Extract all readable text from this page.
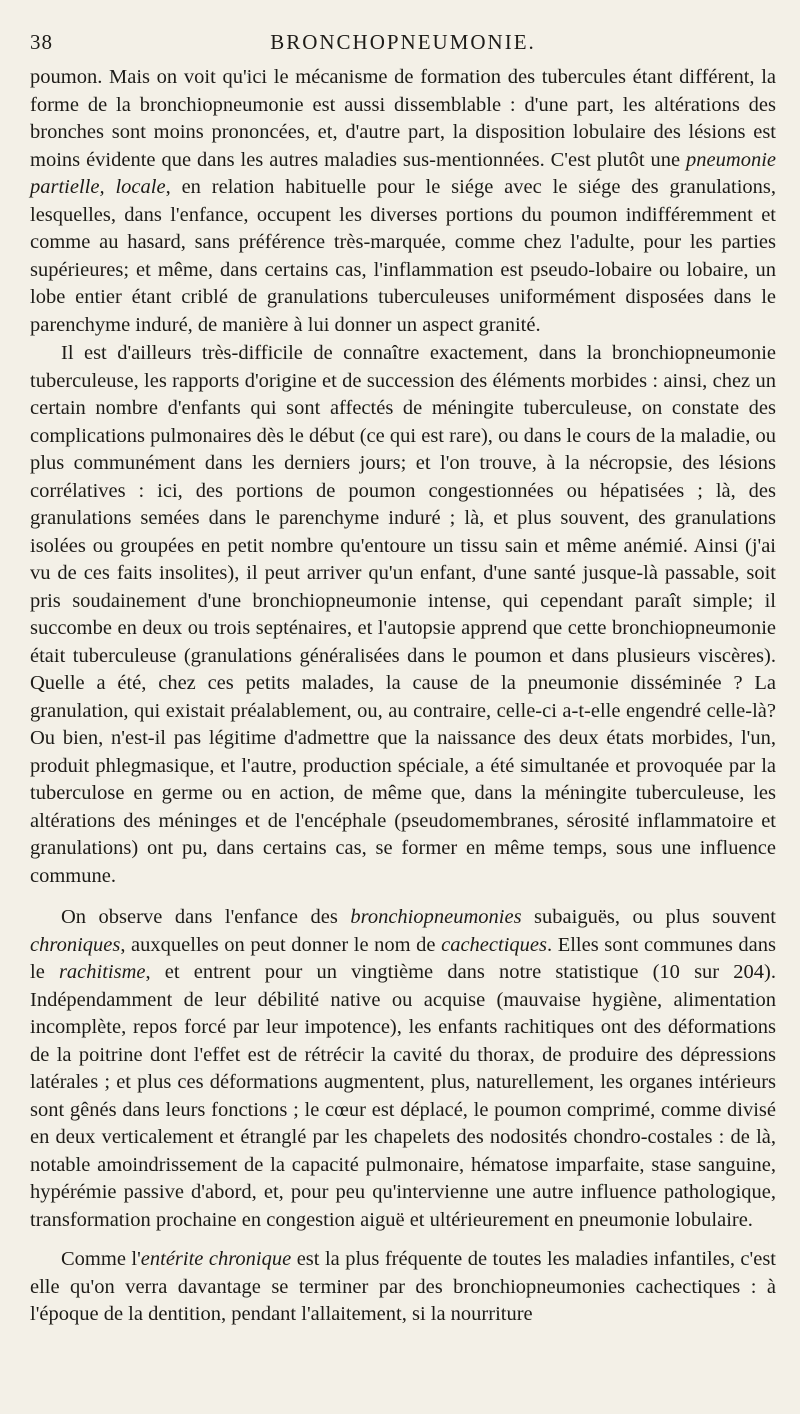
38	BRONCHOPNEUMONIE.

poumon. Mais on voit qu'ici le mécanisme de formation des tubercules étant différent, la forme de la bronchiopneumonie est aussi dissemblable : d'une part, les altérations des bronches sont moins prononcées, et, d'autre part, la disposition lobulaire des lésions est moins évidente que dans les autres maladies sus-mentionnées. C'est plutôt une pneumonie partielle, locale, en relation habituelle pour le siége avec le siége des granulations, lesquelles, dans l'enfance, occupent les diverses portions du poumon indifféremment et comme au hasard, sans préférence très-marquée, comme chez l'adulte, pour les parties supérieures; et même, dans certains cas, l'inflammation est pseudo-lobaire ou lobaire, un lobe entier étant criblé de granulations tuberculeuses uniformément disposées dans le parenchyme induré, de manière à lui donner un aspect granité.

Il est d'ailleurs très-difficile de connaître exactement, dans la bronchiopneumonie tuberculeuse, les rapports d'origine et de succession des éléments morbides : ainsi, chez un certain nombre d'enfants qui sont affectés de méningite tuberculeuse, on constate des complications pulmonaires dès le début (ce qui est rare), ou dans le cours de la maladie, ou plus communément dans les derniers jours; et l'on trouve, à la nécropsie, des lésions corrélatives : ici, des portions de poumon congestionnées ou hépatisées ; là, des granulations semées dans le parenchyme induré ; là, et plus souvent, des granulations isolées ou groupées en petit nombre qu'entoure un tissu sain et même anémié. Ainsi (j'ai vu de ces faits insolites), il peut arriver qu'un enfant, d'une santé jusque-là passable, soit pris soudainement d'une bronchiopneumonie intense, qui cependant paraît simple; il succombe en deux ou trois septénaires, et l'autopsie apprend que cette bronchiopneumonie était tuberculeuse (granulations généralisées dans le poumon et dans plusieurs viscères). Quelle a été, chez ces petits malades, la cause de la pneumonie disséminée ? La granulation, qui existait préalablement, ou, au contraire, celle-ci a-t-elle engendré celle-là? Ou bien, n'est-il pas légitime d'admettre que la naissance des deux états morbides, l'un, produit phlegmasique, et l'autre, production spéciale, a été simultanée et provoquée par la tuberculose en germe ou en action, de même que, dans la méningite tuberculeuse, les altérations des méninges et de l'encéphale (pseudomembranes, sérosité inflammatoire et granulations) ont pu, dans certains cas, se former en même temps, sous une influence commune.

On observe dans l'enfance des bronchiopneumonies subaiguës, ou plus souvent chroniques, auxquelles on peut donner le nom de cachectiques. Elles sont communes dans le rachitisme, et entrent pour un vingtième dans notre statistique (10 sur 204). Indépendamment de leur débilité native ou acquise (mauvaise hygiène, alimentation incomplète, repos forcé par leur impotence), les enfants rachitiques ont des déformations de la poitrine dont l'effet est de rétrécir la cavité du thorax, de produire des dépressions latérales ; et plus ces déformations augmentent, plus, naturellement, les organes intérieurs sont gênés dans leurs fonctions ; le cœur est déplacé, le poumon comprimé, comme divisé en deux verticalement et étranglé par les chapelets des nodosités chondro-costales : de là, notable amoindrissement de la capacité pulmonaire, hématose imparfaite, stase sanguine, hypérémie passive d'abord, et, pour peu qu'intervienne une autre influence pathologique, transformation prochaine en congestion aiguë et ultérieurement en pneumonie lobulaire.

Comme l'entérite chronique est la plus fréquente de toutes les maladies infantiles, c'est elle qu'on verra davantage se terminer par des bronchiopneumonies cachectiques : à l'époque de la dentition, pendant l'allaitement, si la nourriture
